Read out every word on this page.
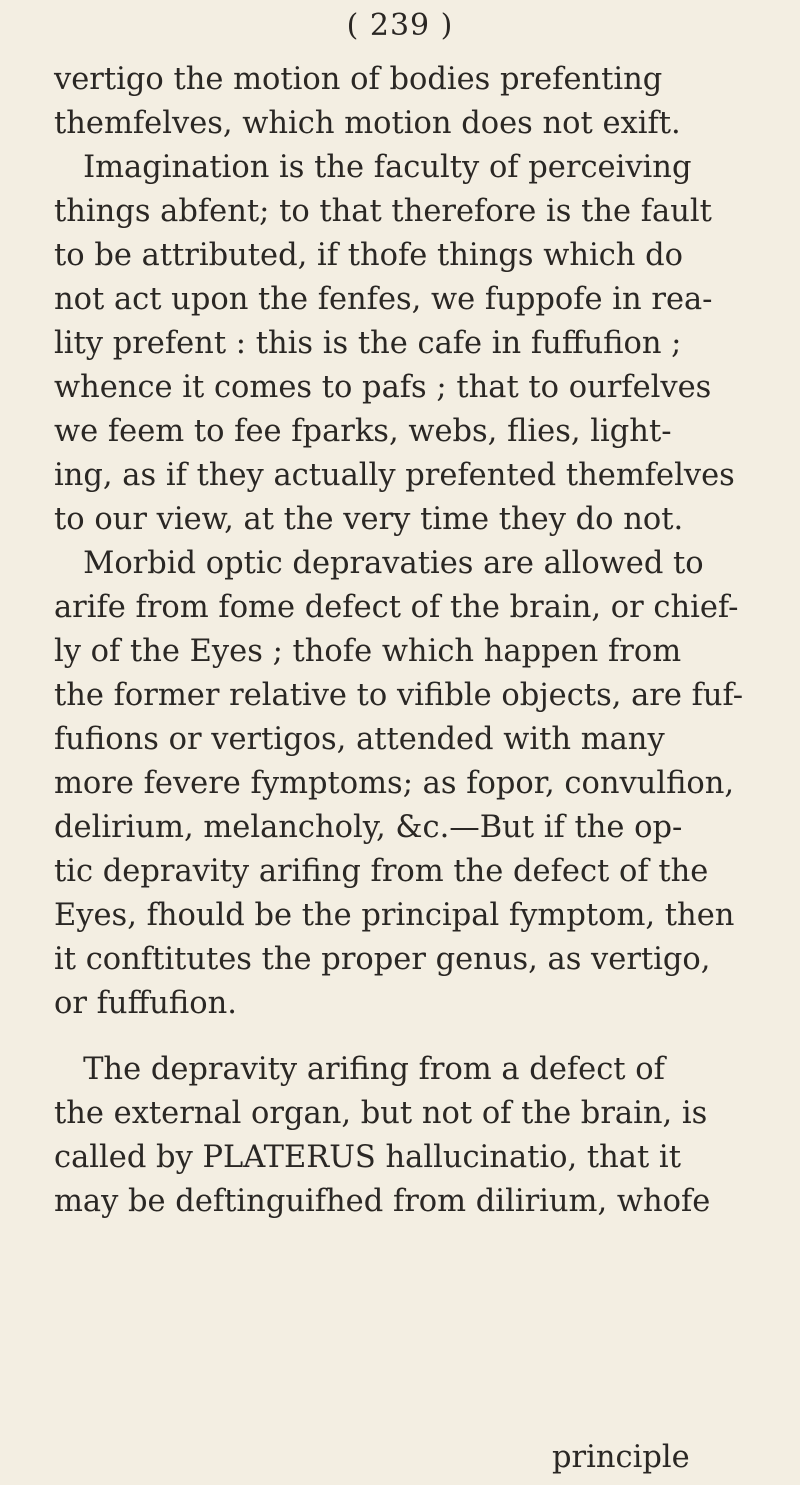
( 239 )
vertigo the motion of bodies prefenting
themfelves, which motion does not exift.
Imagination is the faculty of perceiving
things abfent; to that therefore is the fault
to be attributed, if thofe things which do
not act upon the fenfes, we fuppofe in rea-
lity prefent : this is the cafe in fuffufion ;
whence it comes to pafs ; that to ourfelves
we feem to fee fparks, webs, flies, light-
ing, as if they actually prefented themfelves
to our view, at the very time they do not.
Morbid optic depravaties are allowed to
arife from fome defect of the brain, or chief-
ly of the Eyes ; thofe which happen from
the former relative to vifible objects, are fuf-
fufions or vertigos, attended with many
more fevere fymptoms; as fopor, convulfion,
delirium, melancholy, &c.—But if the op-
tic depravity arifing from the defect of the
Eyes, fhould be the principal fymptom, then
it conftitutes the proper genus, as vertigo,
or fuffufion.
The depravity arifing from a defect of
the external organ, but not of the brain, is
called by PLATERUS hallucinatio, that it
may be deftinguifhed from dilirium, whofe
principle
